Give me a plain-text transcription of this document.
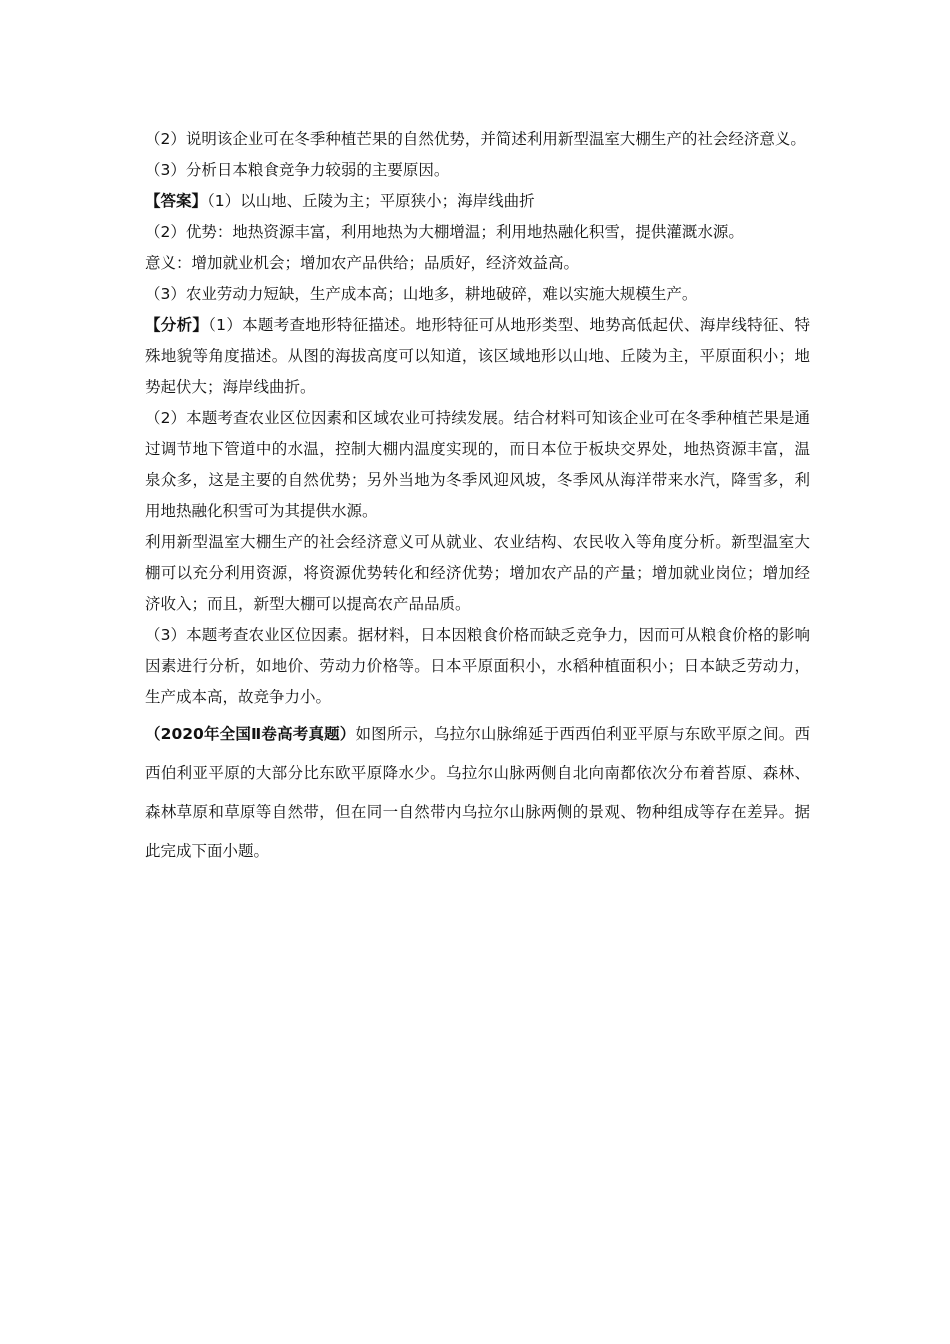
（2）说明该企业可在冬季种植芒果的自然优势，并简述利用新型温室大棚生产的社会经济意义。

（3）分析日本粮食竞争力较弱的主要原因。

【答案】（1）以山地、丘陵为主；平原狭小；海岸线曲折

（2）优势：地热资源丰富，利用地热为大棚增温；利用地热融化积雪，提供灌溉水源。

意义：增加就业机会；增加农产品供给；品质好，经济效益高。

（3）农业劳动力短缺，生产成本高；山地多，耕地破碎，难以实施大规模生产。

【分析】（1）本题考查地形特征描述。地形特征可从地形类型、地势高低起伏、海岸线特征、特殊地貌等角度描述。从图的海拔高度可以知道，该区域地形以山地、丘陵为主，平原面积小；地势起伏大；海岸线曲折。

（2）本题考查农业区位因素和区域农业可持续发展。结合材料可知该企业可在冬季种植芒果是通过调节地下管道中的水温，控制大棚内温度实现的，而日本位于板块交界处，地热资源丰富，温泉众多，这是主要的自然优势；另外当地为冬季风迎风坡，冬季风从海洋带来水汽，降雪多，利用地热融化积雪可为其提供水源。

利用新型温室大棚生产的社会经济意义可从就业、农业结构、农民收入等角度分析。新型温室大棚可以充分利用资源，将资源优势转化和经济优势；增加农产品的产量；增加就业岗位；增加经济收入；而且，新型大棚可以提高农产品品质。

（3）本题考查农业区位因素。据材料，日本因粮食价格而缺乏竞争力，因而可从粮食价格的影响因素进行分析，如地价、劳动力价格等。日本平原面积小，水稻种植面积小；日本缺乏劳动力，生产成本高，故竞争力小。

（2020年全国Ⅱ卷高考真题）如图所示，乌拉尔山脉绵延于西西伯利亚平原与东欧平原之间。西西伯利亚平原的大部分比东欧平原降水少。乌拉尔山脉两侧自北向南都依次分布着苔原、森林、森林草原和草原等自然带，但在同一自然带内乌拉尔山脉两侧的景观、物种组成等存在差异。据此完成下面小题。
